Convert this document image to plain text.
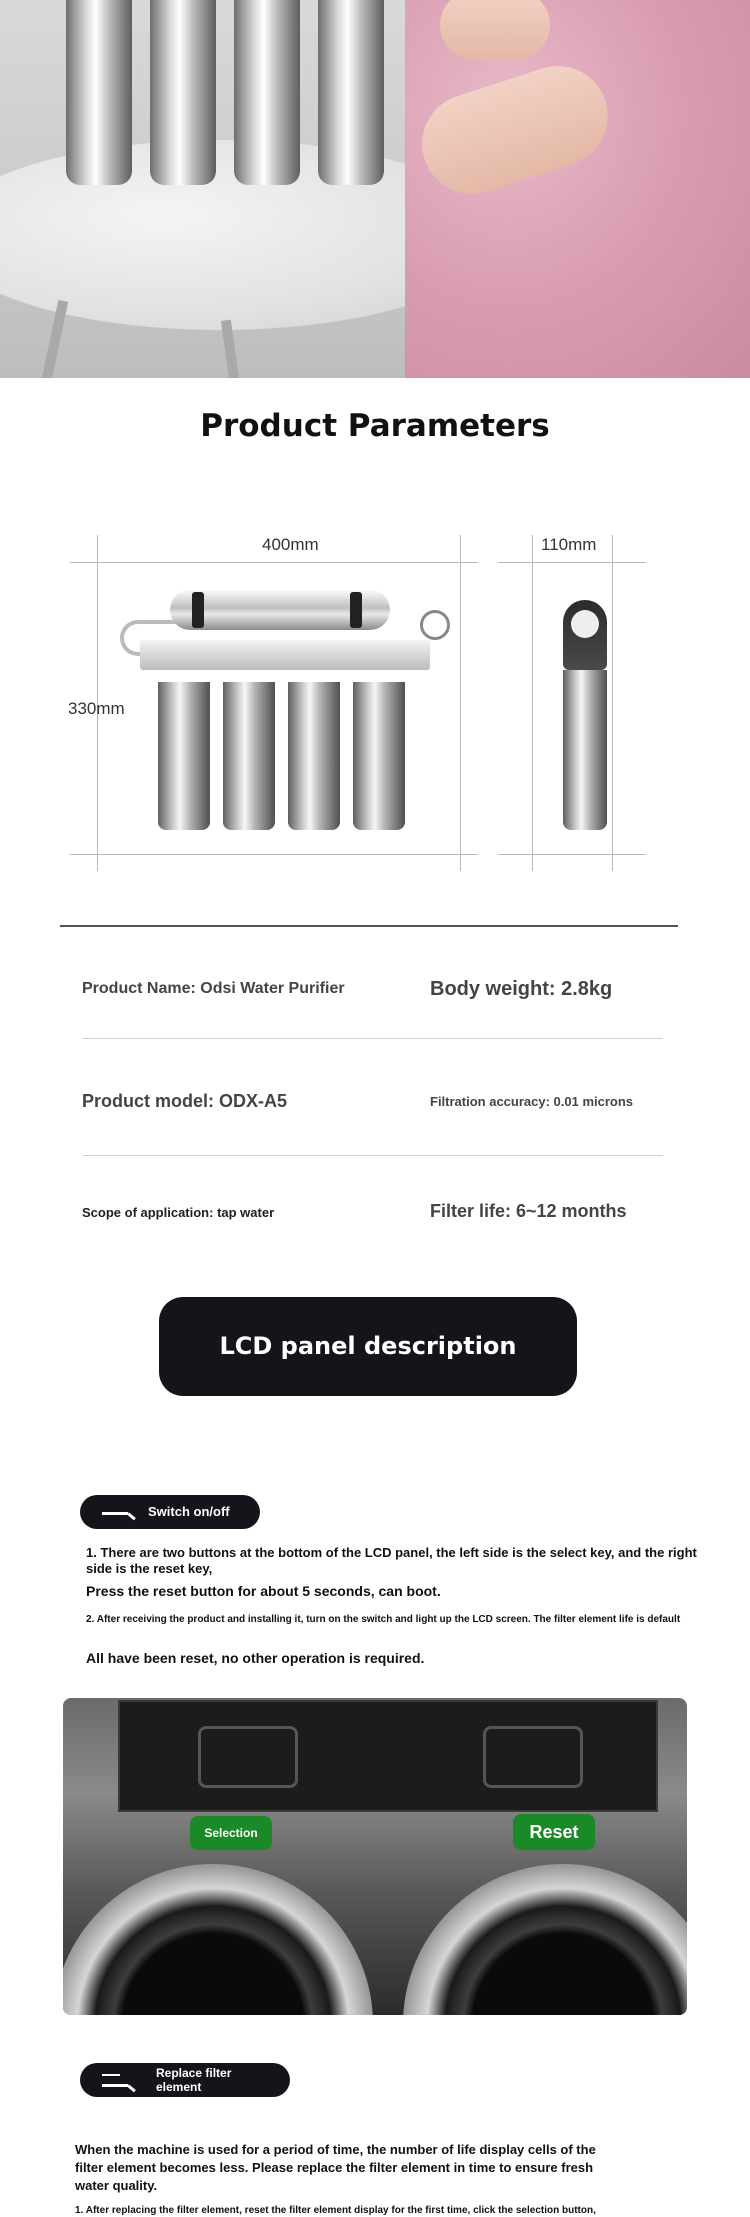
Product Parameters
400mm	110mm
330mm
Product Name: Odsi Water Purifier	Body weight: 2.8kg
Product model: ODX-A5	Filtration accuracy: 0.01 microns
Scope of application: tap water	Filter life: 6~12 months
LCD panel description
Switch on/off
1. There are two buttons at the bottom of the LCD panel, the left side is the select key, and the right side is the reset key,
Press the reset button for about 5 seconds, can boot.
2. After receiving the product and installing it, turn on the switch and light up the LCD screen. The filter element life is default
All have been reset, no other operation is required.
Selection	Reset
Replace filter
element
When the machine is used for a period of time, the number of life display cells of the filter element becomes less. Please replace the filter element in time to ensure fresh water quality.
1. After replacing the filter element, reset the filter element display for the first time, click the selection button,
